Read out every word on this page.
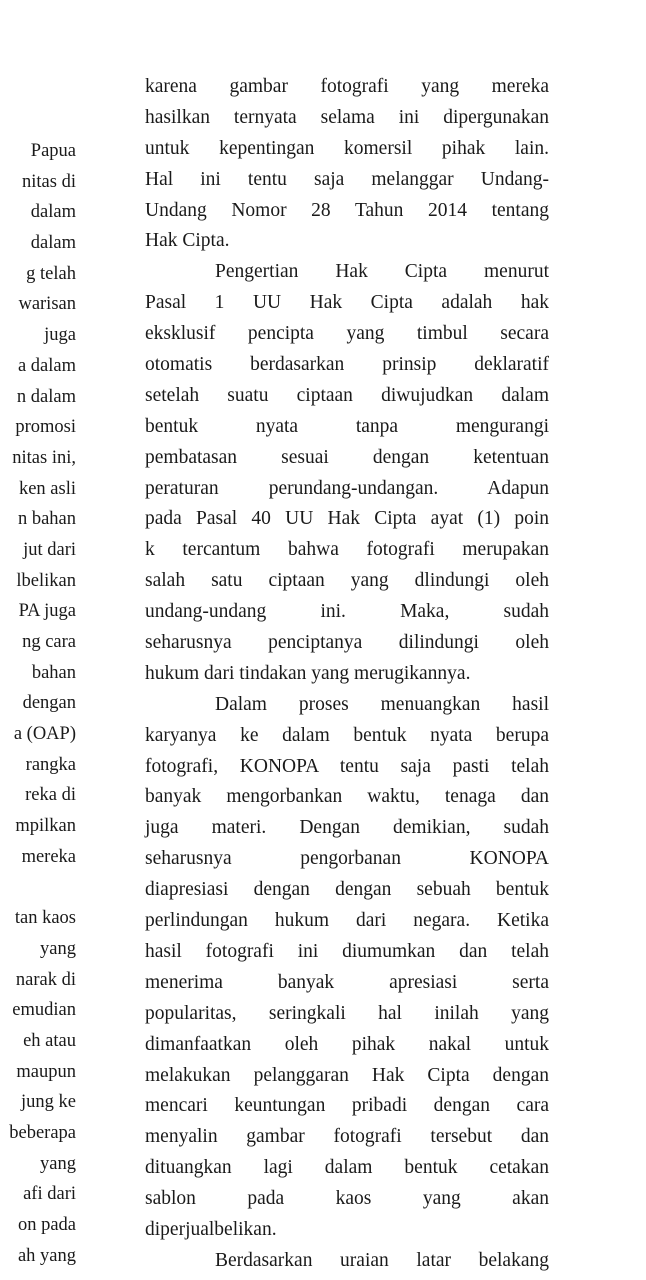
Papua
nitas di
dalam
dalam
g telah
warisan
juga
a dalam
n dalam
promosi
nitas ini,
ken asli
n bahan
jut dari
lbelikan
PA juga
ng cara
bahan
dengan
a (OAP)
rangka
reka di
mpilkan
mereka
tan kaos
yang
narak di
emudian
eh atau
maupun
jung ke
beberapa
yang
afi dari
on pada
ah yang
karena gambar fotografi yang mereka
hasilkan ternyata selama ini dipergunakan
untuk kepentingan komersil pihak lain.
Hal ini tentu saja melanggar Undang-
Undang Nomor 28 Tahun 2014 tentang
Hak Cipta.
Pengertian Hak Cipta menurut
Pasal 1 UU Hak Cipta adalah hak
eksklusif pencipta yang timbul secara
otomatis berdasarkan prinsip deklaratif
setelah suatu ciptaan diwujudkan dalam
bentuk nyata tanpa mengurangi
pembatasan sesuai dengan ketentuan
peraturan perundang-undangan. Adapun
pada Pasal 40 UU Hak Cipta ayat (1) poin
k tercantum bahwa fotografi merupakan
salah satu ciptaan yang dlindungi oleh
undang-undang ini. Maka, sudah
seharusnya penciptanya dilindungi oleh
hukum dari tindakan yang merugikannya.
Dalam proses menuangkan hasil
karyanya ke dalam bentuk nyata berupa
fotografi, KONOPA tentu saja pasti telah
banyak mengorbankan waktu, tenaga dan
juga materi. Dengan demikian, sudah
seharusnya pengorbanan KONOPA
diapresiasi dengan dengan sebuah bentuk
perlindungan hukum dari negara. Ketika
hasil fotografi ini diumumkan dan telah
menerima banyak apresiasi serta
popularitas, seringkali hal inilah yang
dimanfaatkan oleh pihak nakal untuk
melakukan pelanggaran Hak Cipta dengan
mencari keuntungan pribadi dengan cara
menyalin gambar fotografi tersebut dan
dituangkan lagi dalam bentuk cetakan
sablon pada kaos yang akan
diperjualbelikan.
Berdasarkan uraian latar belakang
